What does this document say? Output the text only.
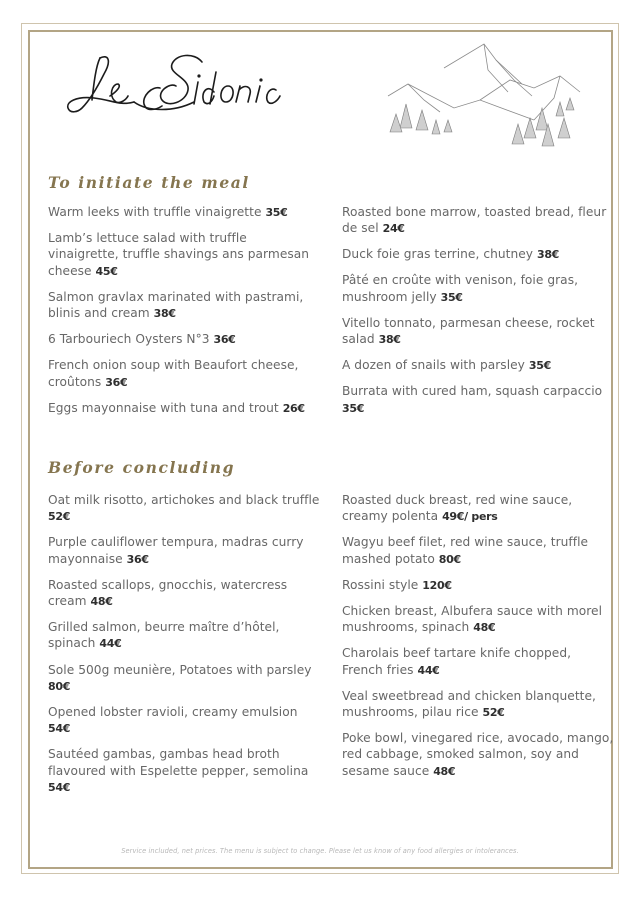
To initiate the meal

Warm leeks with truffle vinaigrette 35€

Lamb’s lettuce salad with truffle vinaigrette, truffle shavings ans parmesan cheese 45€

Salmon gravlax marinated with pastrami, blinis and cream 38€

6 Tarbouriech Oysters N°3 36€

French onion soup with Beaufort cheese, croûtons 36€

Eggs mayonnaise with tuna and trout 26€

Roasted bone marrow, toasted bread, fleur de sel 24€

Duck foie gras terrine, chutney 38€

Pâté en croûte with venison, foie gras, mushroom jelly 35€

Vitello tonnato, parmesan cheese, rocket salad 38€

A dozen of snails with parsley 35€

Burrata with cured ham, squash carpaccio 35€

Before concluding

Oat milk risotto, artichokes and black truffle 52€

Purple cauliflower tempura, madras curry mayonnaise 36€

Roasted scallops, gnocchis, watercress cream 48€

Grilled salmon, beurre maître d’hôtel, spinach 44€

Sole 500g meunière, Potatoes with parsley 80€

Opened lobster ravioli, creamy emulsion 54€

Sautéed gambas, gambas head broth flavoured with Espelette pepper, semolina 54€

Roasted duck breast, red wine sauce, creamy polenta 49€/ pers

Wagyu beef filet, red wine sauce, truffle mashed potato 80€

Rossini style 120€

Chicken breast, Albufera sauce with morel mushrooms, spinach 48€

Charolais beef tartare knife chopped, French fries 44€

Veal sweetbread and chicken blanquette, mushrooms, pilau rice 52€

Poke bowl, vinegared rice, avocado, mango, red cabbage, smoked salmon, soy and sesame sauce 48€

Service included, net prices. The menu is subject to change. Please let us know of any food allergies or intolerances.
